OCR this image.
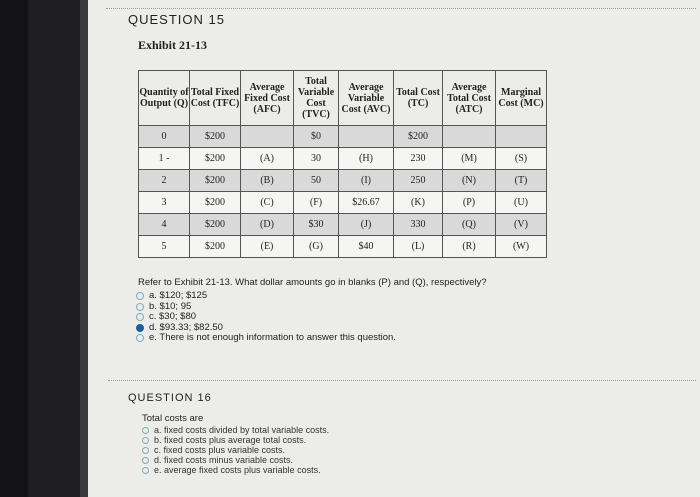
QUESTION 15
Exhibit 21-13
Quantity of Output (Q)	Total Fixed Cost (TFC)	Average Fixed Cost (AFC)	Total Variable Cost (TVC)	Average Variable Cost (AVC)	Total Cost (TC)	Average Total Cost (ATC)	Marginal Cost (MC)
0	$200		$0		$200		
1 -	$200	(A)	30	(H)	230	(M)	(S)
2	$200	(B)	50	(I)	250	(N)	(T)
3	$200	(C)	(F)	$26.67	(K)	(P)	(U)
4	$200	(D)	$30	(J)	330	(Q)	(V)
5	$200	(E)	(G)	$40	(L)	(R)	(W)
Refer to Exhibit 21-13. What dollar amounts go in blanks (P) and (Q), respectively?
a. $120; $125
b. $10; 95
c. $30; $80
d. $93.33; $82.50
e. There is not enough information to answer this question.
QUESTION 16
Total costs are
a. fixed costs divided by total variable costs.
b. fixed costs plus average total costs.
c. fixed costs plus variable costs.
d. fixed costs minus variable costs.
e. average fixed costs plus variable costs.
